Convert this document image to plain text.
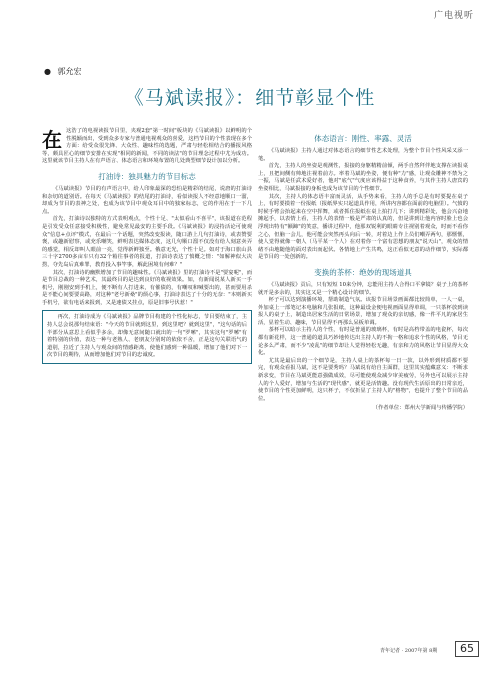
广电视听
● 郭允宏
《马斌读报》：细节彰显个性

在这浩了的电视读报节目里，夹观2套"第一时间"板块的《马斌读报》以鲜明的个性脱颖而出，受到众多专家与普通电视观众的喜爱，这档节目的个性表现在多个方面：给受众很先锋、大众性、趣味性的选题，严肃与轻松相结合的播报风格等，颇具匠心的细节安排在实现"相同的新闻，不同的读法"的节目理念过程中尤为成功。这里就该节目主持人在有声语言、体态语言和环境布置的几处典型细节设计加以分析。

打油诗：独具魅力的节目标志

《马斌读报》节目的有声语言中，给人印象最深的恐怕是精彩的结尾，说唐的打油诗和杂切的道别语。在每天《马斌读报》的结尾的打油诗，看似读报人不经意地顺口一溜，却成为节目的表神之处，也成为该节目中观众耳目中的独家标志，它的作用在于一下几点。

首先，打油诗以独特的方式表明观点，个性十足、"太似看山不喜平"，该报道在范程是引发受众任意接受积极性，避免常见最安的主要手段。《马斌读报》的浸持活论可使观众"信息+点评"模式，在最后一个话题，突然改变报读，随口游上几句打油诗，或表赞要褒，或趣新慰察，或充乐嘲笑，鲜明表达媒体态度，这几句顺口溜不仅没有给人刻意卖弄的感觉，相反却叫人眼前一亮，觉得新鲜独至。俄意无光，个性十足。如对于海口旅山县三十字2700多亩车只有32个箱往事者的报道，打油诗表达了愤概之情："如解神似大决捞，夺先岛后真难罪，教育投入事竿事，解此困境有何难？"

其次，打油诗的幽默增加了节目的趣味性。《马斌读报》里的打油诗不是"要宴呢"，而是节目总裁的一种艺术，其最终目的是达到良好的收视效果。如，有新闻说某人新买一手机号，刚刚安到手机上，便不断有人打进来，有催债的，有嘲叹和喊要出的，甚而要用杀是不能心间要要高路，对这种"老号新桑"的烦心事，打油诗表达了十分的无奈："本则新买手机号，欲有电话来报到，又是速债又挂点，原是旧事号伏惹！"

再次，打油诗成为《马斌读报》品牌节目构建的个性化标志，节目要结束了，主持人总会说那句结束语："今天的节目就到这里，到这里吧？就到这里"，"这句话的后半部分从意思上看似乎多余，却像无意间随口就出的一句"罗嗦"，其实这句"罗嗦"有着特别的价值，表达一种与老熟人、老朋友分别时的依依不舍，正是这句关联语气的道别，拉近了主持人与观众间的情感距离，使他们感到一种温暖，增加了他们对下一次节目的期待，从而增加他们对节目的忠诚度。

体态语言：刚性、率露、灵活

《马斌读报》主持人通过对体态语言的细节性艺术处理，为整个节目个性风采又添一笔。

首先，主持人的坐姿是观测性，报接的身躯精精前倾，两手自然拜伴地支撑在读报桌上，且把间侧有帅地注视着前方。率着马斌的坐姿，便有种"力"感，让观众雕神不禁为之一振，马斌是任武术爱好者，他对"底气"气度应该得益于这种食养，与其作主持人唐宾的坐姿相比，马斌报接的身板也成为该节目的个性细节。

其次，主持人的体态语丰富而灵活，从手势来看，主持人的手总是有时要提在桌子上，有时要摸着一份报纸（报纸界实只起道具作用，所讲内容都在面前的电脑里）。气愤的时候手臂会抬起来在空中挥舞，或者抓住报纸在桌上拍打几下；讲到精彩处，他会兴奋地摊起手，以表情上看，主持人的表情一般是严肃的认真的，但是讲到让他内容时脸上也会浮现出特有"额蹄"的笑意，播讲过程中，他那双锐利的眼睛专注视别着观众，时而不看你之心，但脑一会儿，他可能会突然再头向后一转，对着边上作上员们嘲弄两句，那惬惬，使人觉得就像一朝人（马平某一个人）在对着你一个富有思想的朋友"说天山"，观众的情绪不由地随他的面对表出而起伏。各情地上产生共鸣，这正看似无意的动作细节，实际都是节目的一处创新的。

变换的茶杯：绝妙的现场道具

《马斌读报》贡后，只有短短 10来分钟，忘能用主持人合得口平拿镜？桌子上的茶杯就开是多余的，其实这又是一个精心设计的细节。

杯子可以达到演播环境，帮助制造气氛。该报节目场景画面都比较简单，一人一桌，外加桌上一部笔记本电脑和几张报纸，这种最设金便电视画面显得单调，一只茶杯放到读报人的桌子上，制造出居家生活的日常场景，增加了观众的亲切感，像一件平凡的家居生活，显着生动、趣味，节目显得不再那么呆板单调。

茶杯可以暗示主持人的个性，有时是普通的玻璃杯，有时是高档带盖的电瓷杯，每次都有新花样，这一普通的道具巧妙地传达出主持人的不拘一格和追求个性的风格，节目无论多么严肃，而不少"凌乱"的细节却让人觉得轻松无趣，有亲和力的风格让节目显得大众化。

尤其是最后出的一个细节是，主持人桌上的茶杯每一日一款，以外形到材质都不要完，有观众看报马斌，这不是要秀吗？马斌说有给自主面群，这里其实蕴藏意义：不断求新求变，节目在马斌更能意强做成效，尽可能使观众减少审美疲劳，另外也可以展示主持人的个人爱好，增加与生活的"现代感"，就更是活情趣。没有现代生活原出的日常亲近，使节目的个性更加鲜明，这只杯子，不仅折显了主持人的"格物"，也提升了整个节目的品位。

（作者单位：郑州大学新闻与传播学院）
青年记者 · 2007年第 8期	65
